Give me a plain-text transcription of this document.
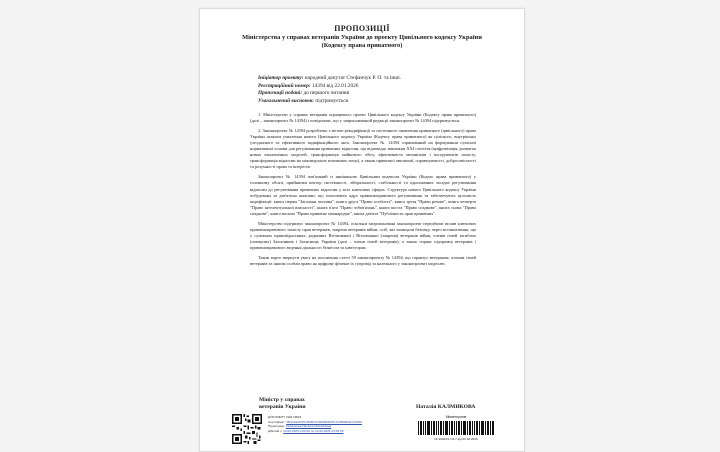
ПРОПОЗИЦІЇ
Міністерства у справах ветеранів України до проекту Цивільного кодексу України (Кодексу права приватного)
Ініціатор проекту: народний депутат Стефанчук Р. О. та інші.
Реєстраційний номер: 14394 від 22.01.2026
Пропозиції подані: до першого читання
Узагальнений висновок: підтримується

1. Міністерство у справах ветеранів опрацювало проект Цивільного кодексу України (Кодексу права приватного) (далі – законопроект № 14394) і повідомляє, що у запропонованій редакції законопроект № 14394 підтримується.

2. Законопроект № 14394 розроблено з метою рекодифікації та системного оновлення приватного (цивільного) права України шляхом ухвалення нового Цивільного кодексу України (Кодексу права приватного) як цілісного, внутрішньо узгодженого та ефективного кодифікаційного акта. Законопроект № 14394 спрямований на формування сучасної нормативної основи для регулювання приватних відносин, що відповідає викликам XXI століття (цифровізація, розвиток нових економічних моделей, трансформація майнового обігу, ефективність механізмів і інструментів захисту, трансформація відносин на міжлюдських взаєминах тощо), а також приватної автономії, справедливості, добросовісності та розумності права та інтересів.

Законопроект № 14394 пов'язаний із нинішньою Цивільним кодексом України (Кодекс права приватного) у головному обсязі, прийнятим вектор системності, ліберальності, стабільності та однозначних засадах регулювання відносин до регулювання приватних відносин у всіх ключових сферах. Структура нового Цивільного кодексу України побудована за дев'ятьма книгами, що охоплюють ядро приватноправового регулювання та забезпечують цілісність кодифікації: книга перша "Загальна частина", книга друга "Право особисте", книга третя "Право речове", книга четверта "Право інтелектуальної власності", книга п'ята "Право зобов'язань", книга шоста "Право спадкове", книга сьома "Право спадкове", книга восьма "Право приватне міжнародне", книга дев'ята "Публічність прав приватних".

Міністерство підтримує законопроект № 14394, оскільки запропоновані законопроект передбачає вплив ключових приватноправового захисту прав ветеранів, зокрема ветеранів війни, осіб, які захищали безпеку, через встановлення, що у суміжних правовідносинах, родинних Вітчизняної і Вітчизняної (зокрема) ветеранів війни, членів сімей загиблих (померлих) Захисників і Захисниць України (далі – члени сімей ветеранів), а також сприяє підтримці ветеранів і приватноправового ведення діяльності бізнесом та інвесторам.

Також варто звернути увагу на положення статті 59 законопроекту № 14394, що гарантує ветеранам, членам сімей ветеранів та іншим особам право на цифрову фізичне їх супровід за належного у законопроекті моделлю.

Міністр у справах
ветеранів України	Наталія КАЛМИКОВА
ДОКУМЕНТ СЕВ ОВКЗ
Сертифікат: 6B4A1E0203C4D8D7A3E0B29D5C7C2B6E01F2A9D5
Підписувач: Калмикова Наталія Михайлівна
Дійсний з: 23.06.2025 0:00:00 по 23.06.2026 23:59:59
Мінветеранів
№ 30403/1.1/3.7 від 03.02.2026
